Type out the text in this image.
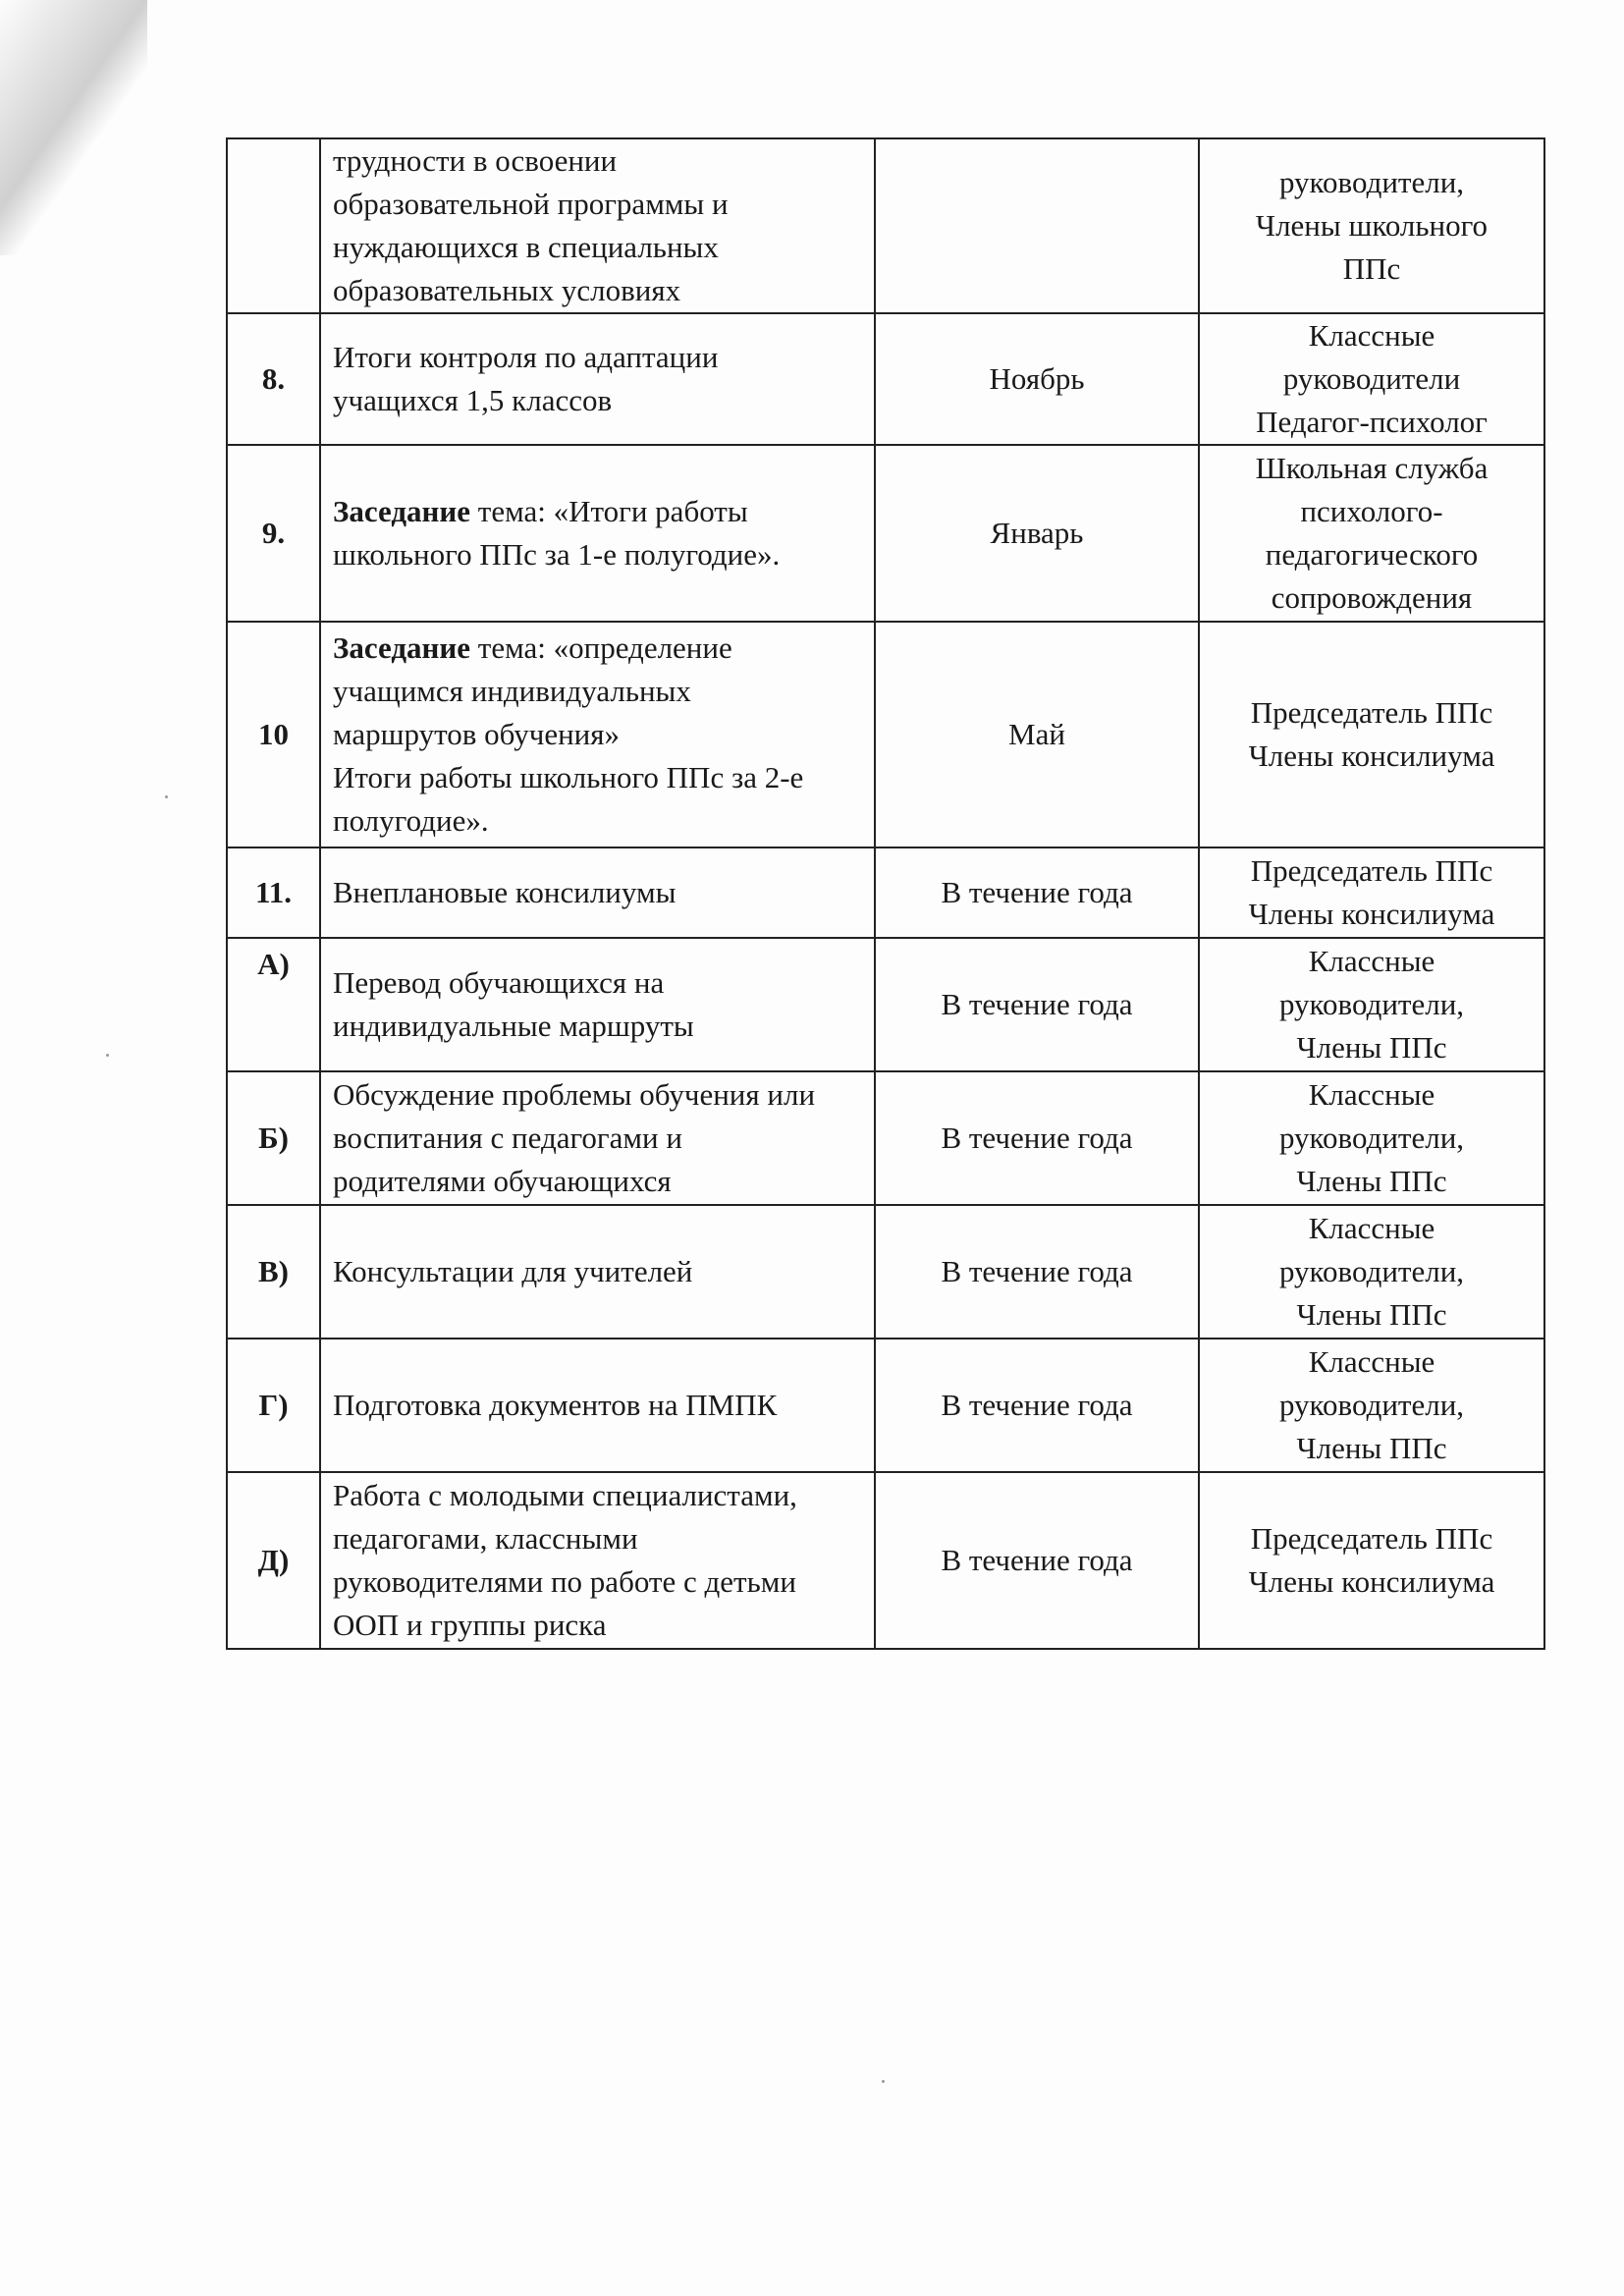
	трудности в освоении
образовательной программы и
нуждающихся в специальных
образовательных условиях		руководители,
Члены школьного
ППс

8.	Итоги контроля по адаптации
учащихся 1,5 классов	Ноябрь	Классные
руководители
Педагог-психолог

9.	Заседание тема: «Итоги работы
школьного ППс за 1-е полугодие».	Январь	Школьная служба
психолого-
педагогического
сопровождения

10	Заседание тема: «определение
учащимся индивидуальных
маршрутов обучения»
Итоги работы школьного ППс за 2-е
полугодие».	Май	Председатель ППс
Члены консилиума

11.	Внеплановые консилиумы	В течение года	Председатель ППс
Члены консилиума

А)	Перевод обучающихся на
индивидуальные маршруты	В течение года	Классные
руководители,
Члены ППс

Б)	Обсуждение проблемы обучения или
воспитания с педагогами и
родителями обучающихся	В течение года	Классные
руководители,
Члены ППс

В)	Консультации для учителей	В течение года	Классные
руководители,
Члены ППс

Г)	Подготовка документов на ПМПК	В течение года	Классные
руководители,
Члены ППс

Д)	Работа с молодыми специалистами,
педагогами, классными
руководителями по работе с детьми
ООП и группы риска	В течение года	Председатель ППс
Члены консилиума
